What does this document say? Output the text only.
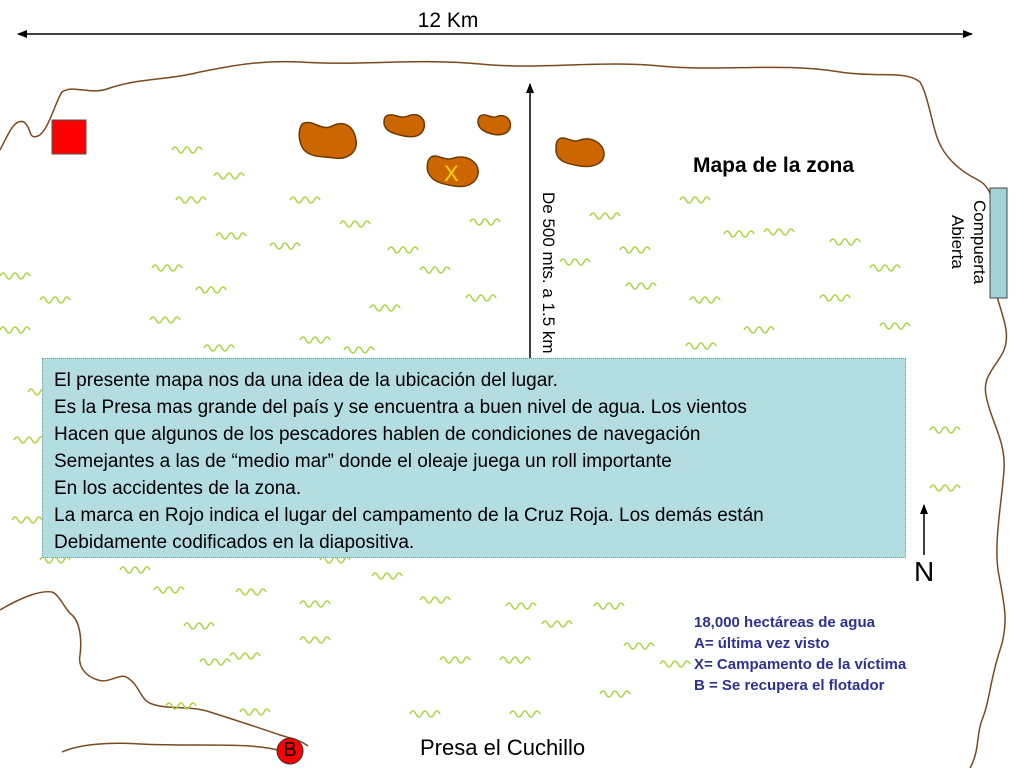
12 Km

Mapa de la zona

Compuerta
Abierta

De 500 mts. a 1.5 km

X

N

El presente mapa nos da una idea de la ubicación del lugar.
Es la Presa mas grande del país y se encuentra a buen nivel de agua. Los vientos
Hacen que algunos de los pescadores hablen de condiciones de navegación
Semejantes a las de “medio mar” donde el oleaje juega un roll importante
En los accidentes de la zona.
La marca en Rojo indica el lugar del campamento de la Cruz Roja. Los demás están
Debidamente codificados en la diapositiva.
18,000 hectáreas de agua
A= última vez visto
X= Campamento de la víctima
B = Se recupera el flotador

Presa el Cuchillo

B
